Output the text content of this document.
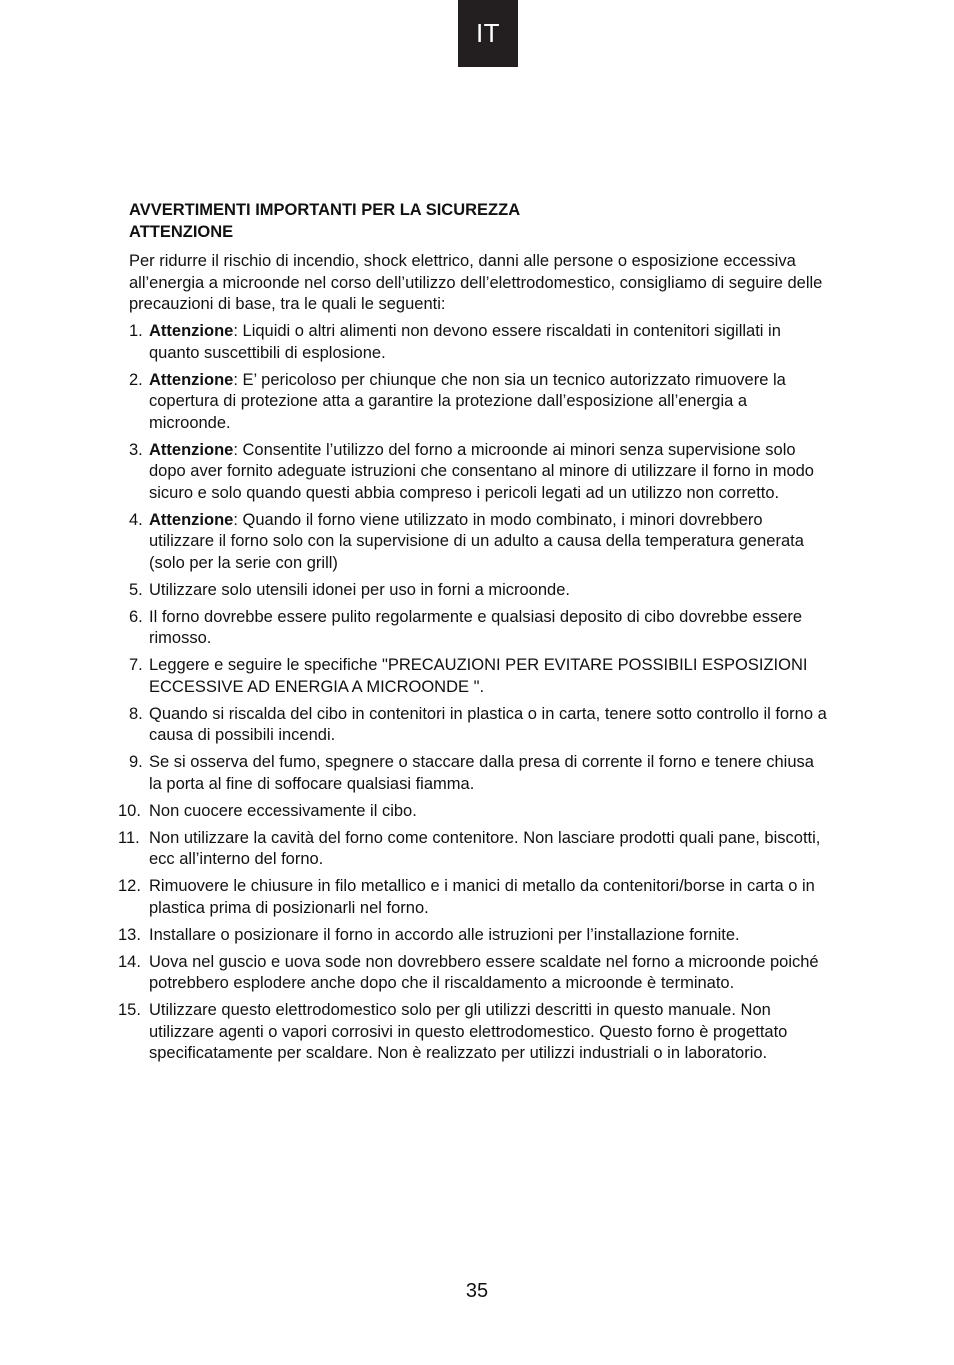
IT

AVVERTIMENTI IMPORTANTI PER LA SICUREZZA

ATTENZIONE

Per ridurre il rischio di incendio, shock elettrico, danni alle persone o esposizione eccessiva all’energia a microonde nel corso dell’utilizzo dell’elettrodomestico, consigliamo di seguire delle precauzioni di base, tra le quali le seguenti:

1. Attenzione: Liquidi o altri alimenti non devono essere riscaldati in contenitori sigillati in quanto suscettibili di esplosione.
2. Attenzione: E’ pericoloso per chiunque che non sia un tecnico autorizzato rimuovere la copertura di protezione atta a garantire la protezione dall’esposizione all’energia a microonde.
3. Attenzione: Consentite l’utilizzo del forno a microonde ai minori senza supervisione solo dopo aver fornito adeguate istruzioni che consentano al minore di utilizzare il forno in modo sicuro e solo quando questi abbia compreso i pericoli legati ad un utilizzo non corretto.
4. Attenzione: Quando il forno viene utilizzato in modo combinato, i minori dovrebbero utilizzare il forno solo con la supervisione di un adulto a causa della temperatura generata (solo per la serie con grill)
5. Utilizzare solo utensili idonei per uso in forni a microonde.
6. Il forno dovrebbe essere pulito regolarmente e qualsiasi deposito di cibo dovrebbe essere rimosso.
7. Leggere e seguire le specifiche "PRECAUZIONI PER EVITARE POSSIBILI ESPOSIZIONI ECCESSIVE AD ENERGIA A MICROONDE ".
8. Quando si riscalda del cibo in contenitori in plastica o in carta, tenere sotto controllo il forno a causa di possibili incendi.
9. Se si osserva del fumo, spegnere o staccare dalla presa di corrente il forno e tenere chiusa la porta al fine di soffocare qualsiasi fiamma.
10. Non cuocere eccessivamente il cibo.
11. Non utilizzare la cavità del forno come contenitore. Non lasciare prodotti quali pane, biscotti, ecc all’interno del forno.
12. Rimuovere le chiusure in filo metallico e i manici di metallo da contenitori/borse in carta o in plastica prima di posizionarli nel forno.
13. Installare o posizionare il forno in accordo alle istruzioni per l’installazione fornite.
14. Uova nel guscio e uova sode non dovrebbero essere scaldate nel forno a microonde poiché potrebbero esplodere anche dopo che il riscaldamento a microonde è terminato.
15. Utilizzare questo elettrodomestico solo per gli utilizzi descritti in questo manuale. Non utilizzare agenti o vapori corrosivi in questo elettrodomestico. Questo forno è progettato specificatamente per scaldare. Non è realizzato per utilizzi industriali o in laboratorio.
35
